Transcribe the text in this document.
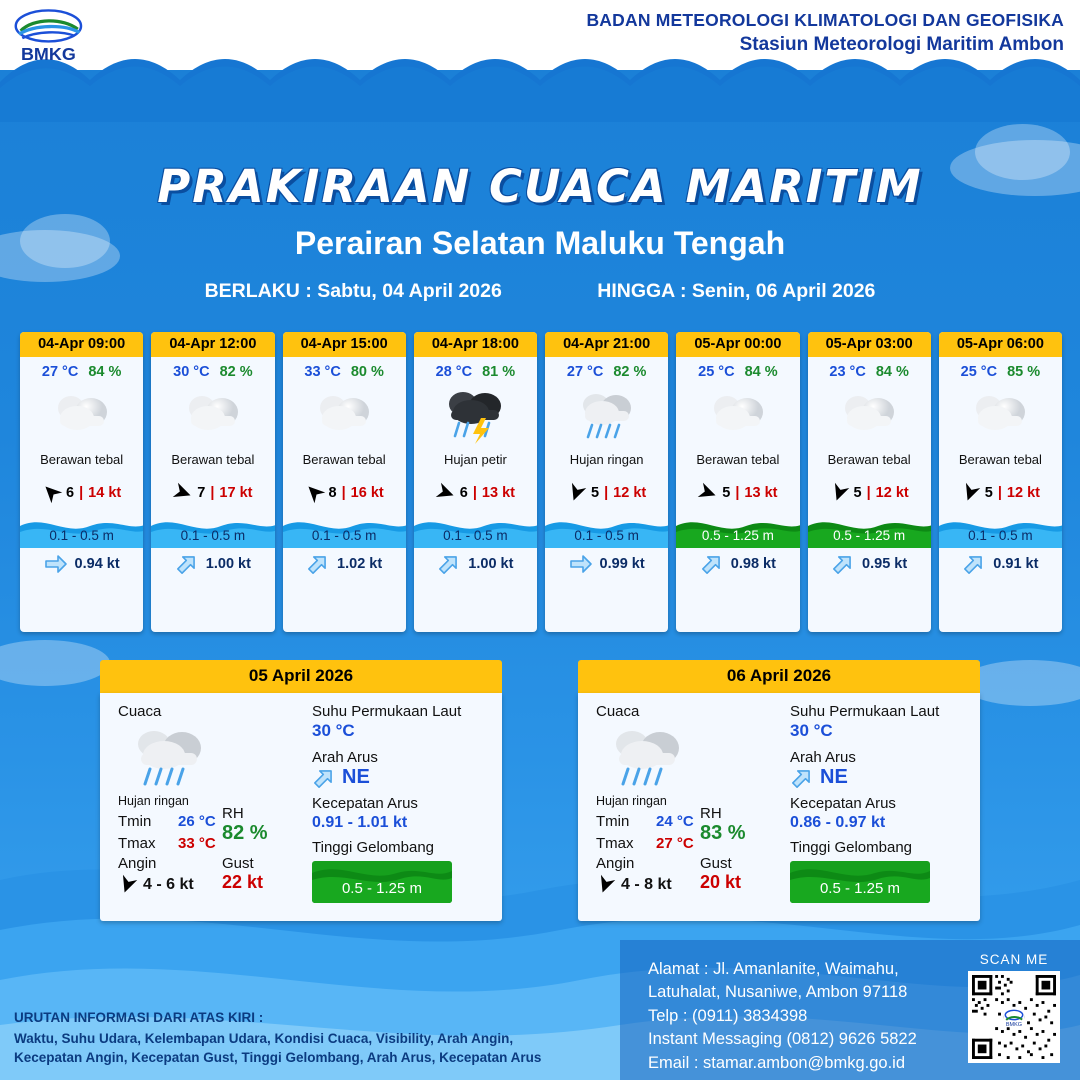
BMKG
BADAN METEOROLOGI KLIMATOLOGI DAN GEOFISIKA
Stasiun Meteorologi Maritim Ambon
PRAKIRAAN CUACA MARITIM
Perairan Selatan Maluku Tengah
BERLAKU : Sabtu, 04 April 2026	HINGGA : Senin, 06 April 2026
04-Apr 09:00
27 °C 84 %
Berawan tebal
6 | 14 kt
0.1 - 0.5 m
0.94 kt
04-Apr 12:00
30 °C 82 %
Berawan tebal
7 | 17 kt
0.1 - 0.5 m
1.00 kt
04-Apr 15:00
33 °C 80 %
Berawan tebal
8 | 16 kt
0.1 - 0.5 m
1.02 kt
04-Apr 18:00
28 °C 81 %
Hujan petir
6 | 13 kt
0.1 - 0.5 m
1.00 kt
04-Apr 21:00
27 °C 82 %
Hujan ringan
5 | 12 kt
0.1 - 0.5 m
0.99 kt
05-Apr 00:00
25 °C 84 %
Berawan tebal
5 | 13 kt
0.5 - 1.25 m
0.98 kt
05-Apr 03:00
23 °C 84 %
Berawan tebal
5 | 12 kt
0.5 - 1.25 m
0.95 kt
05-Apr 06:00
25 °C 85 %
Berawan tebal
5 | 12 kt
0.1 - 0.5 m
0.91 kt
05 April 2026
Cuaca
Hujan ringan
Tmin	26 °C
Tmax	33 °C
Angin
4 - 6 kt
RH
82 %
Gust
22 kt
Suhu Permukaan Laut
30 °C
Arah Arus
NE
Kecepatan Arus
0.91 - 1.01 kt
Tinggi Gelombang
0.5 - 1.25 m
06 April 2026
Cuaca
Hujan ringan
Tmin	24 °C
Tmax	27 °C
Angin
4 - 8 kt
RH
83 %
Gust
20 kt
Suhu Permukaan Laut
30 °C
Arah Arus
NE
Kecepatan Arus
0.86 - 0.97 kt
Tinggi Gelombang
0.5 - 1.25 m
Alamat : Jl. Amanlanite, Waimahu,
Latuhalat, Nusaniwe, Ambon 97118
Telp : (0911) 3834398
Instant Messaging (0812) 9626 5822
Email : stamar.ambon@bmkg.go.id
SCAN ME
BMKG
URUTAN INFORMASI DARI ATAS KIRI :
Waktu, Suhu Udara, Kelembapan Udara, Kondisi Cuaca, Visibility, Arah Angin,
Kecepatan Angin, Kecepatan Gust, Tinggi Gelombang, Arah Arus, Kecepatan Arus
